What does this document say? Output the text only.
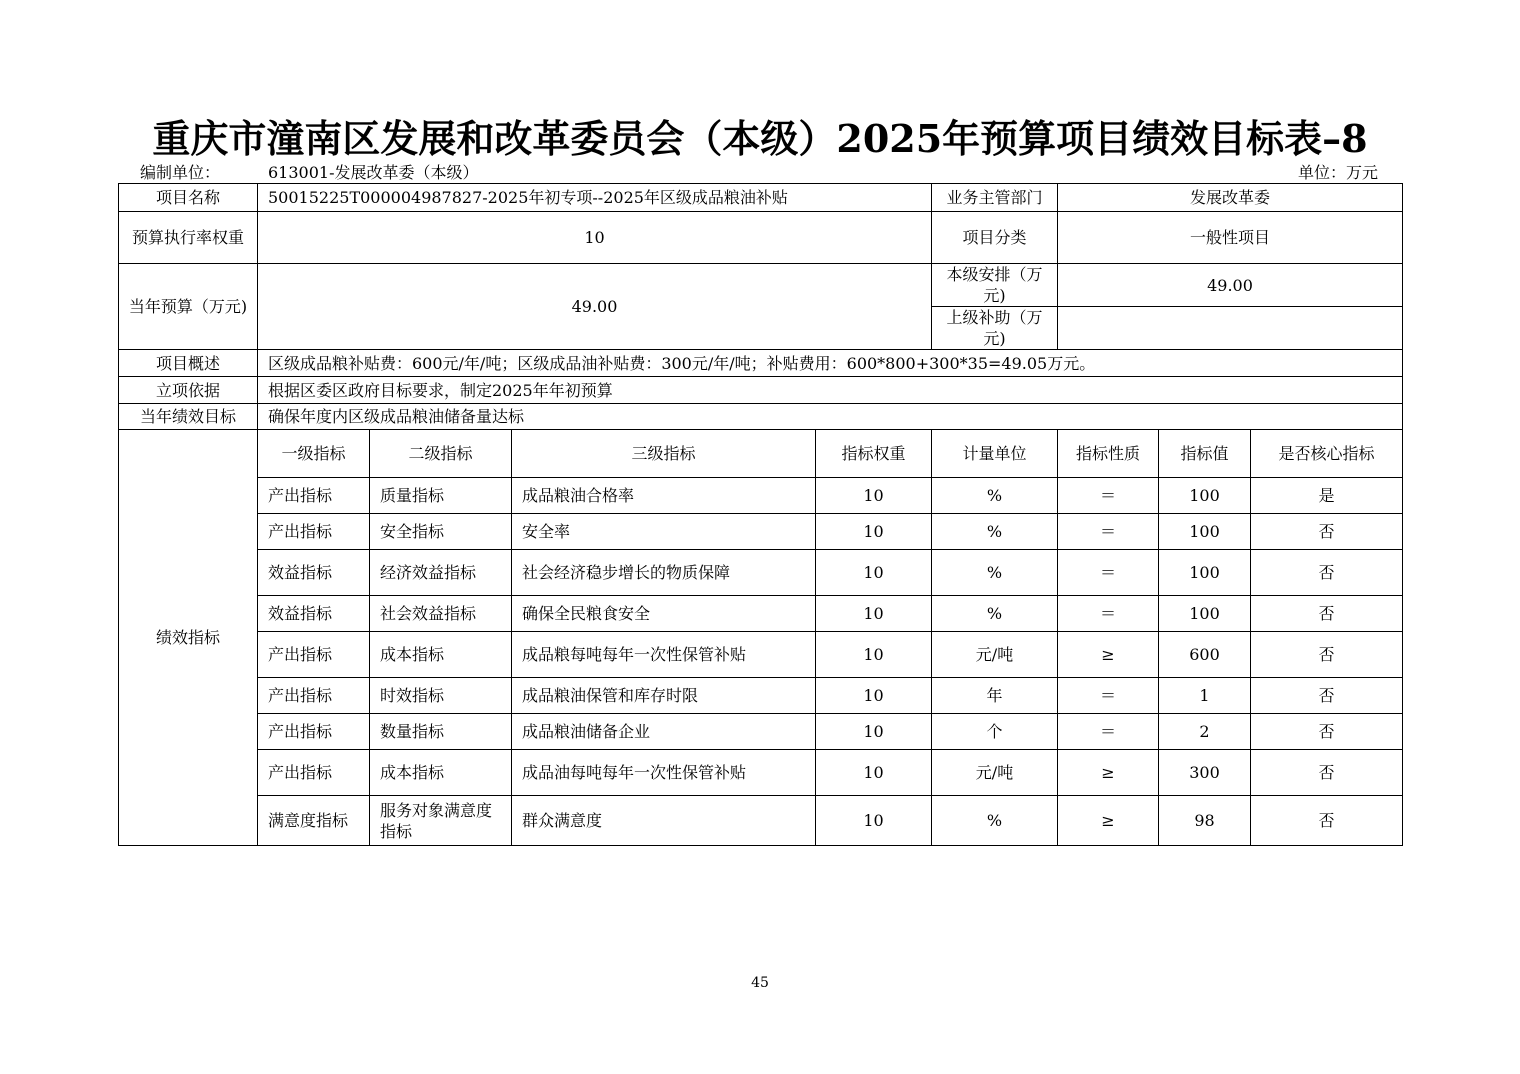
重庆市潼南区发展和改革委员会（本级）2025年预算项目绩效目标表–8
编制单位：	613001-发展改革委（本级）	单位：万元
项目名称	50015225T000004987827-2025年初专项--2025年区级成品粮油补贴				业务主管部门	发展改革委		
预算执行率权重	10				项目分类	一般性项目		
当年预算（万元)	49.00				本级安排（万元)	49.00		
					上级补助（万元)			
项目概述	区级成品粮补贴费：600元/年/吨；区级成品油补贴费：300元/年/吨；补贴费用：600*800+300*35=49.05万元。							
立项依据	根据区委区政府目标要求，制定2025年年初预算							
当年绩效目标	确保年度内区级成品粮油储备量达标							
绩效指标	一级指标	二级指标	三级指标	指标权重	计量单位	指标性质	指标值	是否核心指标
	产出指标	质量指标	成品粮油合格率	10	%	＝	100	是
	产出指标	安全指标	安全率	10	%	＝	100	否
	效益指标	经济效益指标	社会经济稳步增长的物质保障	10	%	＝	100	否
	效益指标	社会效益指标	确保全民粮食安全	10	%	＝	100	否
	产出指标	成本指标	成品粮每吨每年一次性保管补贴	10	元/吨	≥	600	否
	产出指标	时效指标	成品粮油保管和库存时限	10	年	＝	1	否
	产出指标	数量指标	成品粮油储备企业	10	个	＝	2	否
	产出指标	成本指标	成品油每吨每年一次性保管补贴	10	元/吨	≥	300	否
	满意度指标	服务对象满意度指标	群众满意度	10	%	≥	98	否
45
